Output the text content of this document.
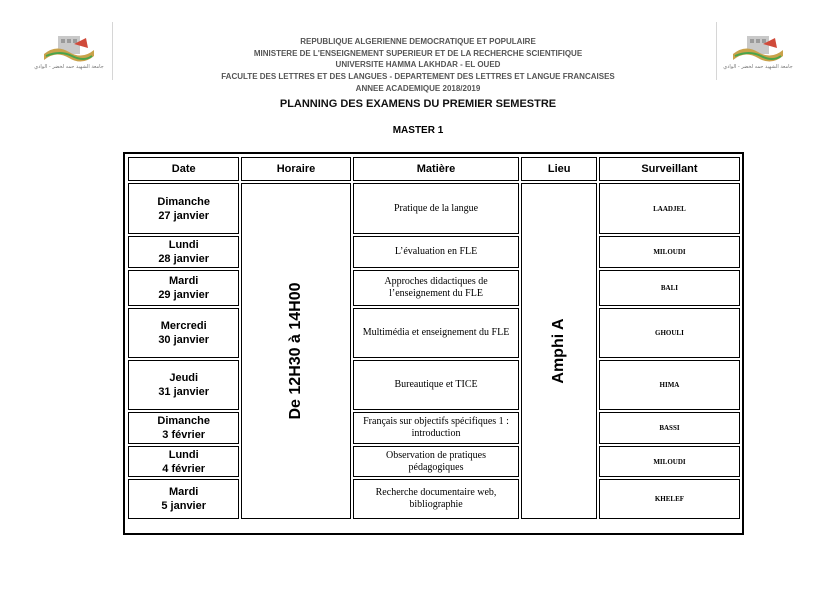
جامعة الشهيد حمه لخضر - الوادي	جامعة الشهيد حمه لخضر - الوادي
REPUBLIQUE ALGERIENNE DEMOCRATIQUE ET POPULAIRE
MINISTERE DE L'ENSEIGNEMENT SUPERIEUR ET DE LA RECHERCHE SCIENTIFIQUE
UNIVERSITE HAMMA LAKHDAR - EL OUED
FACULTE DES LETTRES ET DES LANGUES - DEPARTEMENT DES LETTRES ET LANGUE FRANCAISES
ANNEE ACADEMIQUE 2018/2019
PLANNING DES EXAMENS DU PREMIER SEMESTRE
MASTER 1
Date	Horaire	Matière	Lieu	Surveillant

Dimanche
27 janvier	De 12H30 à 14H00	Pratique de la langue	Amphi A	LAADJEL

Lundi
28 janvier		L’évaluation en FLE		MILOUDI

Mardi
29 janvier		Approches didactiques de l’enseignement du FLE		BALI

Mercredi
30 janvier		Multimédia et enseignement du FLE		GHOULI

Jeudi
31 janvier		Bureautique et TICE		HIMA

Dimanche
3 février		Français sur objectifs spécifiques 1 : introduction		BASSI

Lundi
4 février		Observation de pratiques pédagogiques		MILOUDI

Mardi
5 janvier		Recherche documentaire web, bibliographie		KHELEF
